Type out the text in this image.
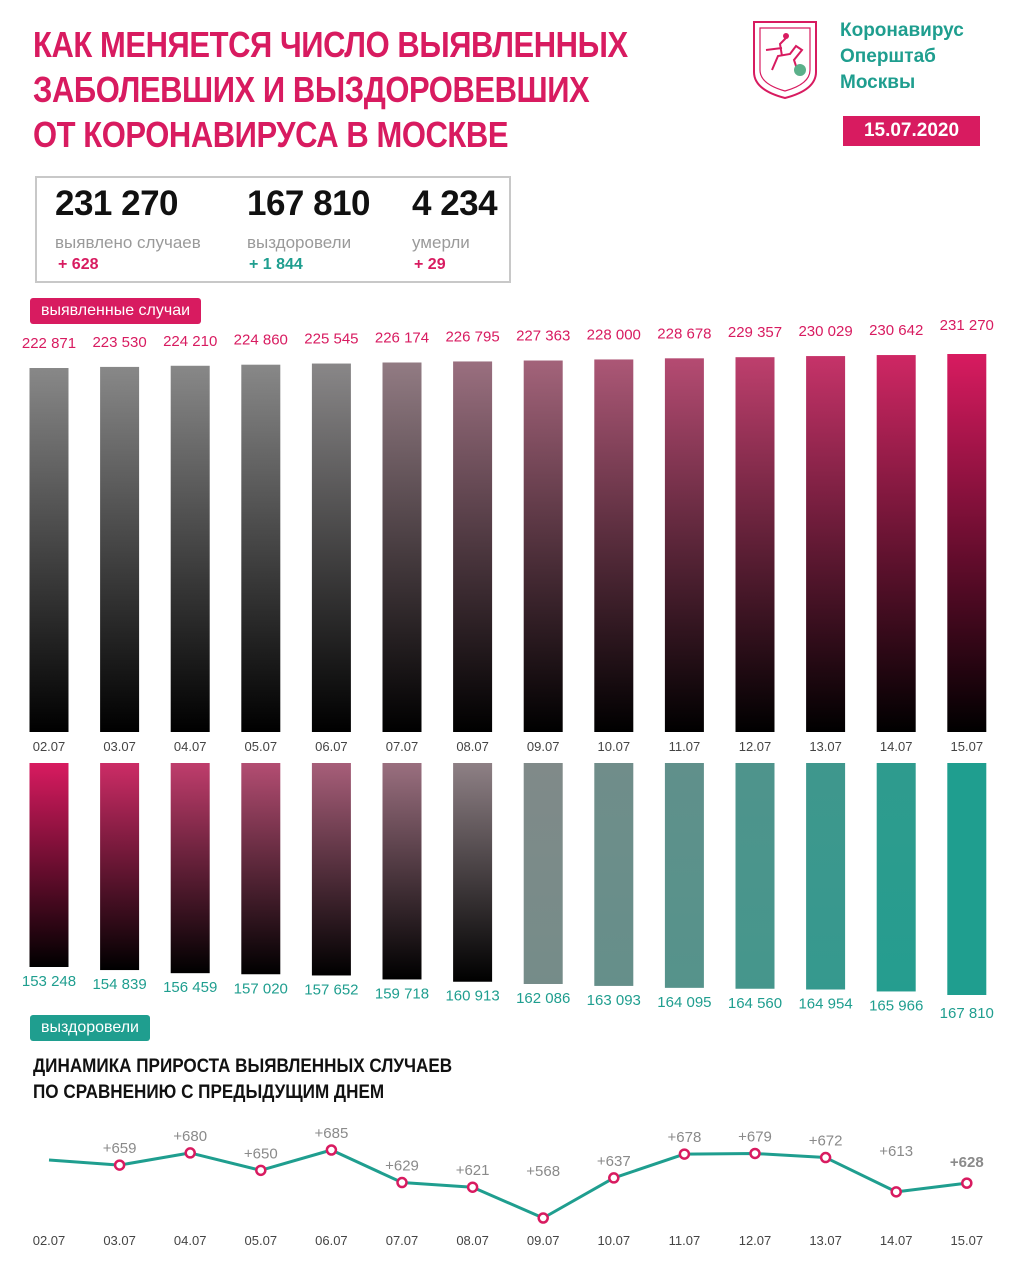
КАК МЕНЯЕТСЯ ЧИСЛО ВЫЯВЛЕННЫХ
ЗАБОЛЕВШИХ И ВЫЗДОРОВЕВШИХ
ОТ КОРОНАВИРУСА В МОСКВЕ
Коронавирус
Оперштаб
Москвы
15.07.2020
231 270
выявлено случаев
+ 628
167 810
выздоровели
+ 1 844
4 234
умерли
+ 29
выявленные случаи
выздоровели
ДИНАМИКА ПРИРОСТА ВЫЯВЛЕННЫХ СЛУЧАЕВ
ПО СРАВНЕНИЮ С ПРЕДЫДУЩИМ ДНЕМ
222 871
02.07
223 530
03.07
224 210
04.07
224 860
05.07
225 545
06.07
226 174
07.07
226 795
08.07
227 363
09.07
228 000
10.07
228 678
11.07
229 357
12.07
230 029
13.07
230 642
14.07
231 270
15.07
153 248 154 839 156 459 157 020 157 652 159 718 160 913 162 086 163 093 164 095 164 560 164 954 165 966 167 810
02.07
+659
03.07
+680
04.07
+650
05.07
+685
06.07
+629
07.07
+621
08.07
+568
09.07
+637
10.07
+678
11.07
+679
12.07
+672
13.07
+613
14.07
+628
15.07
